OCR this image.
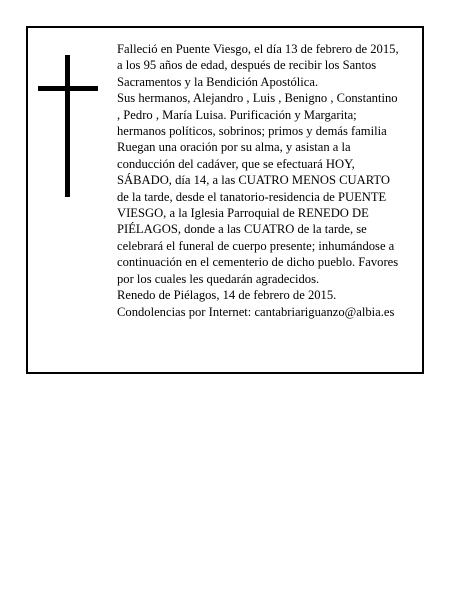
Falleció en Puente Viesgo, el día 13 de febrero de 2015,
a los 95 años de edad, después de recibir los Santos
Sacramentos y la Bendición Apostólica.
Sus hermanos, Alejandro , Luis , Benigno , Constantino
, Pedro , María Luisa. Purificación y Margarita;
hermanos políticos, sobrinos; primos y demás familia
Ruegan una oración por su alma, y asistan a la
conducción del cadáver, que se efectuará HOY,
SÁBADO, día 14, a las CUATRO MENOS CUARTO
de la tarde, desde el tanatorio-residencia de PUENTE
VIESGO, a la Iglesia Parroquial de RENEDO DE
PIÉLAGOS, donde a las CUATRO de la tarde, se
celebrará el funeral de cuerpo presente; inhumándose a
continuación en el cementerio de dicho pueblo. Favores
por los cuales les quedarán agradecidos.
Renedo de Piélagos, 14 de febrero de 2015.
Condolencias por Internet: cantabriariguanzo@albia.es
